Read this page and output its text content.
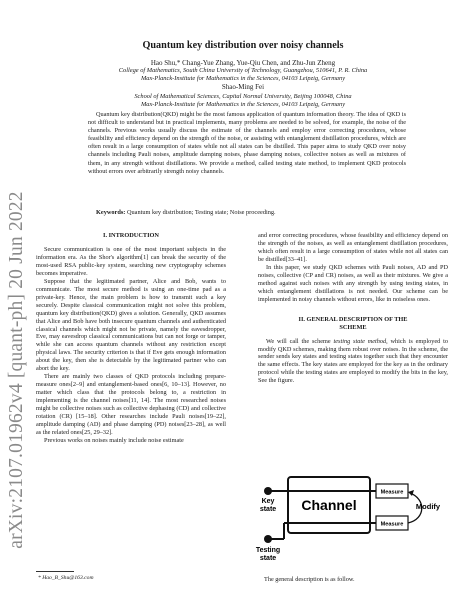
arXiv:2107.01962v4 [quant-ph] 20 Jun 2022
Quantum key distribution over noisy channels
Hao Shu,* Chang-Yue Zhang, Yue-Qiu Chen, and Zhu-Jun Zheng
College of Mathematics, South China University of Technology, Guangzhou, 510641, P. R. China
Max-Planck-Institute for Mathematics in the Sciences, 04103 Leipzig, Germany
Shao-Ming Fei
School of Mathematical Sciences, Capital Normal University, Beijing 100048, China
Max-Planck-Institute for Mathematics in the Sciences, 04103 Leipzig, Germany
Quantum key distribution(QKD) might be the most famous application of quantum information theory. The idea of QKD is not difficult to understand but in practical implements, many problems are needed to be solved, for example, the noise of the channels. Previous works usually discuss the estimate of the channels and employ error correcting procedures, whose feasibility and efficiency depend on the strength of the noise, or assisting with entanglement distillation procedures, which are often result in a large consumption of states while not all states can be distilled. This paper aims to study QKD over noisy channels including Pauli noises, amplitude damping noises, phase damping noises, collective noises as well as mixtures of them, in any strength without distillations. We provide a method, called testing state method, to implement QKD protocols without errors over arbitrarily strength noisy channels.
Keywords: Quantum key distribution; Testing state; Noise proceeding.

I. INTRODUCTION

Secure communication is one of the most important subjects in the information era. As the Shor's algorithm[1] can break the security of the most-used RSA public-key system, searching new cryptography schemes becomes imperative.

Suppose that the legitimated partner, Alice and Bob, wants to communicate. The most secure method is using an one-time pad as a private-key. Hence, the main problem is how to transmit such a key securely. Despite classical communication might not solve this problem, quantum key distribution(QKD) gives a solution. Generally, QKD assumes that Alice and Bob have both insecure quantum channels and authenticated classical channels which might not be private, namely the eavesdropper, Eve, may eavesdrop classical communications but can not forge or tamper, while she can access quantum channels without any restriction except physical laws. The security criterion is that if Eve gets enough information about the key, then she is detectable by the legitimated partner who can abort the key.

There are mainly two classes of QKD protocols including prepare-measure ones[2–9] and entanglement-based ones[6, 10–13]. However, no matter which class that the protocols belong to, a restriction in implementing is the channel noises[11, 14]. The most researched noises might be collective noises such as collective dephasing (CD) and collective rotation (CR) [15–18]. Other researches include Pauli noises[19–22], amplitude damping (AD) and phase damping (PD) noises[23–28], as well as the related ones[25, 29–32].

Previous works on noises mainly include noise estimate

and error correcting procedures, whose feasibility and efficiency depend on the strength of the noises, as well as entanglement distillation procedures, which often result in a large consumption of states while not all states can be distilled[33–41].

In this paper, we study QKD schemes with Pauli noises, AD and PD noises, collective (CP and CR) noises, as well as their mixtures. We give a method against such noises with any strength by using testing states, in which entanglement distillations is not needed. Our scheme can be implemented in noisy channels without errors, like in noiseless ones.

II. GENERAL DESCRIPTION OF THE

SCHEME

We will call the scheme testing state method, which is employed to modify QKD schemes, making them robust over noises. In the scheme, the sender sends key states and testing states together such that they encounter the same effects. The key states are employed for the key as in the ordinary protocol while the testing states are employed to modify the bits in the key, See the figure.

Channel
Key
state
Testing
state
Measure
Measure
Modify
The general description is as follow.
* Hao_B_Shu@163.com
